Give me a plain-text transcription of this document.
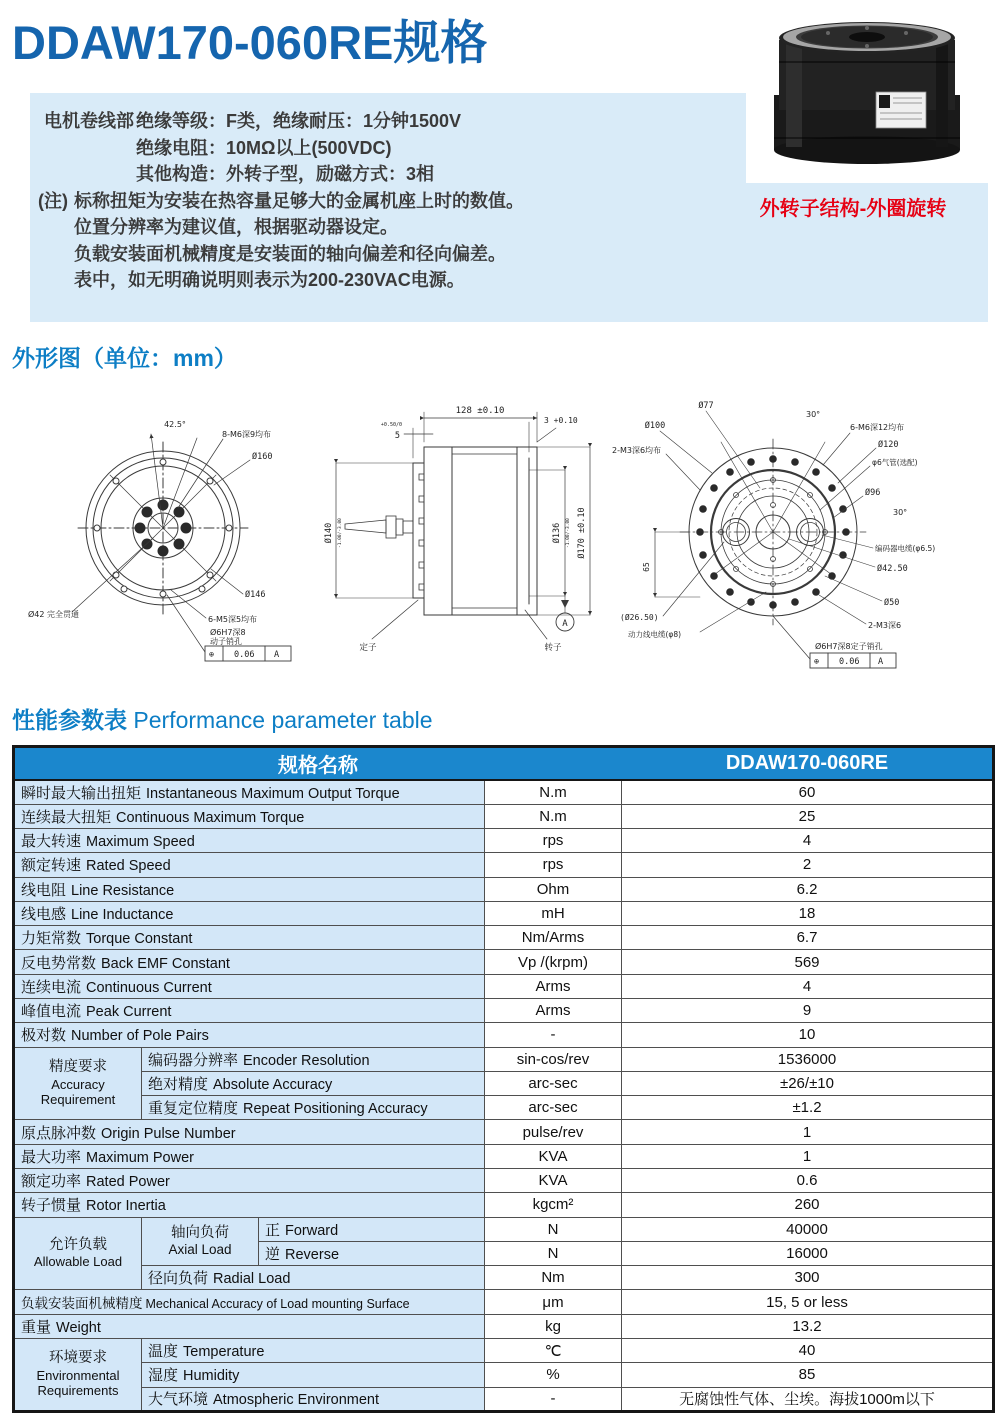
DDAW170-060RE规格
电机卷线部 绝缘等级：F类，绝缘耐压：1分钟1500V
绝缘电阻：10MΩ以上(500VDC)
其他构造：外转子型，励磁方式：3相
(注) 标称扭矩为安装在热容量足够大的金属机座上时的数值。
位置分辨率为建议值，根据驱动器设定。
负载安装面机械精度是安装面的轴向偏差和径向偏差。
表中，如无明确说明则表示为200-230VAC电源。
外转子结构-外圈旋转
外形图（单位：mm）
42.5°
8-M6深9均布
Ø160
Ø146
Ø42 完全贯通
6-M5深5均布
Ø6H7深8
动子销孔
⊕ 0.06 A
128 ±0.10
5
+0.50/0	3 +0.10
Ø140 -1.00/-3.00	Ø136 -1.00/-3.00 Ø170 ±0.10
A
定子	转子
Ø77
30°
6-M6深12均布
Ø100
2-M3深6均布
Ø120
φ6气管(选配)
Ø96
30°
编码器电缆(φ6.5)
Ø42.50
Ø50
2-M3深6
(Ø26.50)
动力线电缆(φ8)
65
Ø6H7深8定子销孔
⊕ 0.06 A
性能参数表 Performance parameter table
规格名称				DDAW170-060RE
瞬时最大输出扭矩 Instantaneous Maximum Output Torque			N.m	60
连续最大扭矩 Continuous Maximum Torque			N.m	25
最大转速 Maximum Speed			rps	4
额定转速 Rated Speed			rps	2
线电阻 Line Resistance			Ohm	6.2
线电感 Line Inductance			mH	18
力矩常数 Torque Constant			Nm/Arms	6.7
反电势常数 Back EMF Constant			Vp /(krpm)	569
连续电流 Continuous Current			Arms	4
峰值电流 Peak Current			Arms	9
极对数 Number of Pole Pairs			-	10

精度要求
Accuracy Requirement	编码器分辨率 Encoder Resolution		sin-cos/rev	1536000
	绝对精度 Absolute Accuracy		arc-sec	±26/±10
	重复定位精度 Repeat Positioning Accuracy		arc-sec	±1.2
原点脉冲数 Origin Pulse Number			pulse/rev	1
最大功率 Maximum Power			KVA	1
额定功率 Rated Power			KVA	0.6
转子惯量 Rotor Inertia			kgcm²	260

允许负载
Allowable Load

轴向负荷
Axial Load
	正 Forward	N	40000
		逆 Reverse	N	16000
	径向负荷 Radial Load		Nm	300
负载安装面机械精度 Mechanical Accuracy of Load mounting Surface			μm	15, 5 or less
重量 Weight			kg	13.2

环境要求
Environmental Requirements	温度 Temperature		℃	40
	湿度 Humidity		%	85
	大气环境 Atmospheric Environment		-	无腐蚀性气体、尘埃。海拔1000m以下
